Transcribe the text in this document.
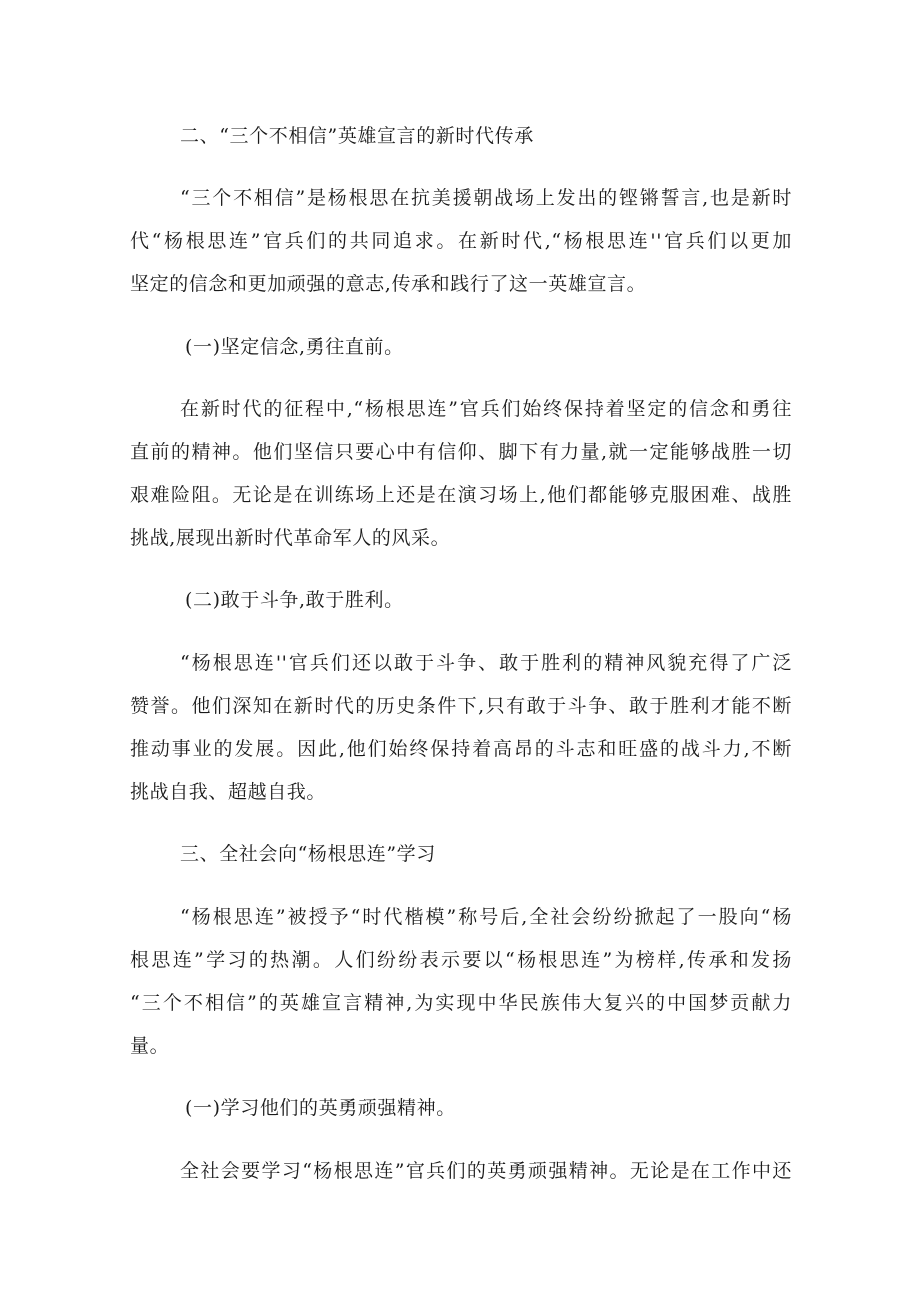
二、“三个不相信”英雄宣言的新时代传承
“三个不相信”是杨根思在抗美援朝战场上发出的铿锵誓言,也是新时
代“杨根思连”官兵们的共同追求。在新时代,“杨根思连''官兵们以更加
坚定的信念和更加顽强的意志,传承和践行了这一英雄宣言。
(一)坚定信念,勇往直前。
在新时代的征程中,“杨根思连”官兵们始终保持着坚定的信念和勇往
直前的精神。他们坚信只要心中有信仰、脚下有力量,就一定能够战胜一切
艰难险阻。无论是在训练场上还是在演习场上,他们都能够克服困难、战胜
挑战,展现出新时代革命军人的风采。
(二)敢于斗争,敢于胜利。
“杨根思连''官兵们还以敢于斗争、敢于胜利的精神风貌充得了广泛
赞誉。他们深知在新时代的历史条件下,只有敢于斗争、敢于胜利才能不断
推动事业的发展。因此,他们始终保持着高昂的斗志和旺盛的战斗力,不断
挑战自我、超越自我。
三、全社会向“杨根思连”学习
“杨根思连”被授予“时代楷模”称号后,全社会纷纷掀起了一股向“杨
根思连”学习的热潮。人们纷纷表示要以“杨根思连”为榜样,传承和发扬
“三个不相信”的英雄宣言精神,为实现中华民族伟大复兴的中国梦贡献力
量。
(一)学习他们的英勇顽强精神。
全社会要学习“杨根思连”官兵们的英勇顽强精神。无论是在工作中还
